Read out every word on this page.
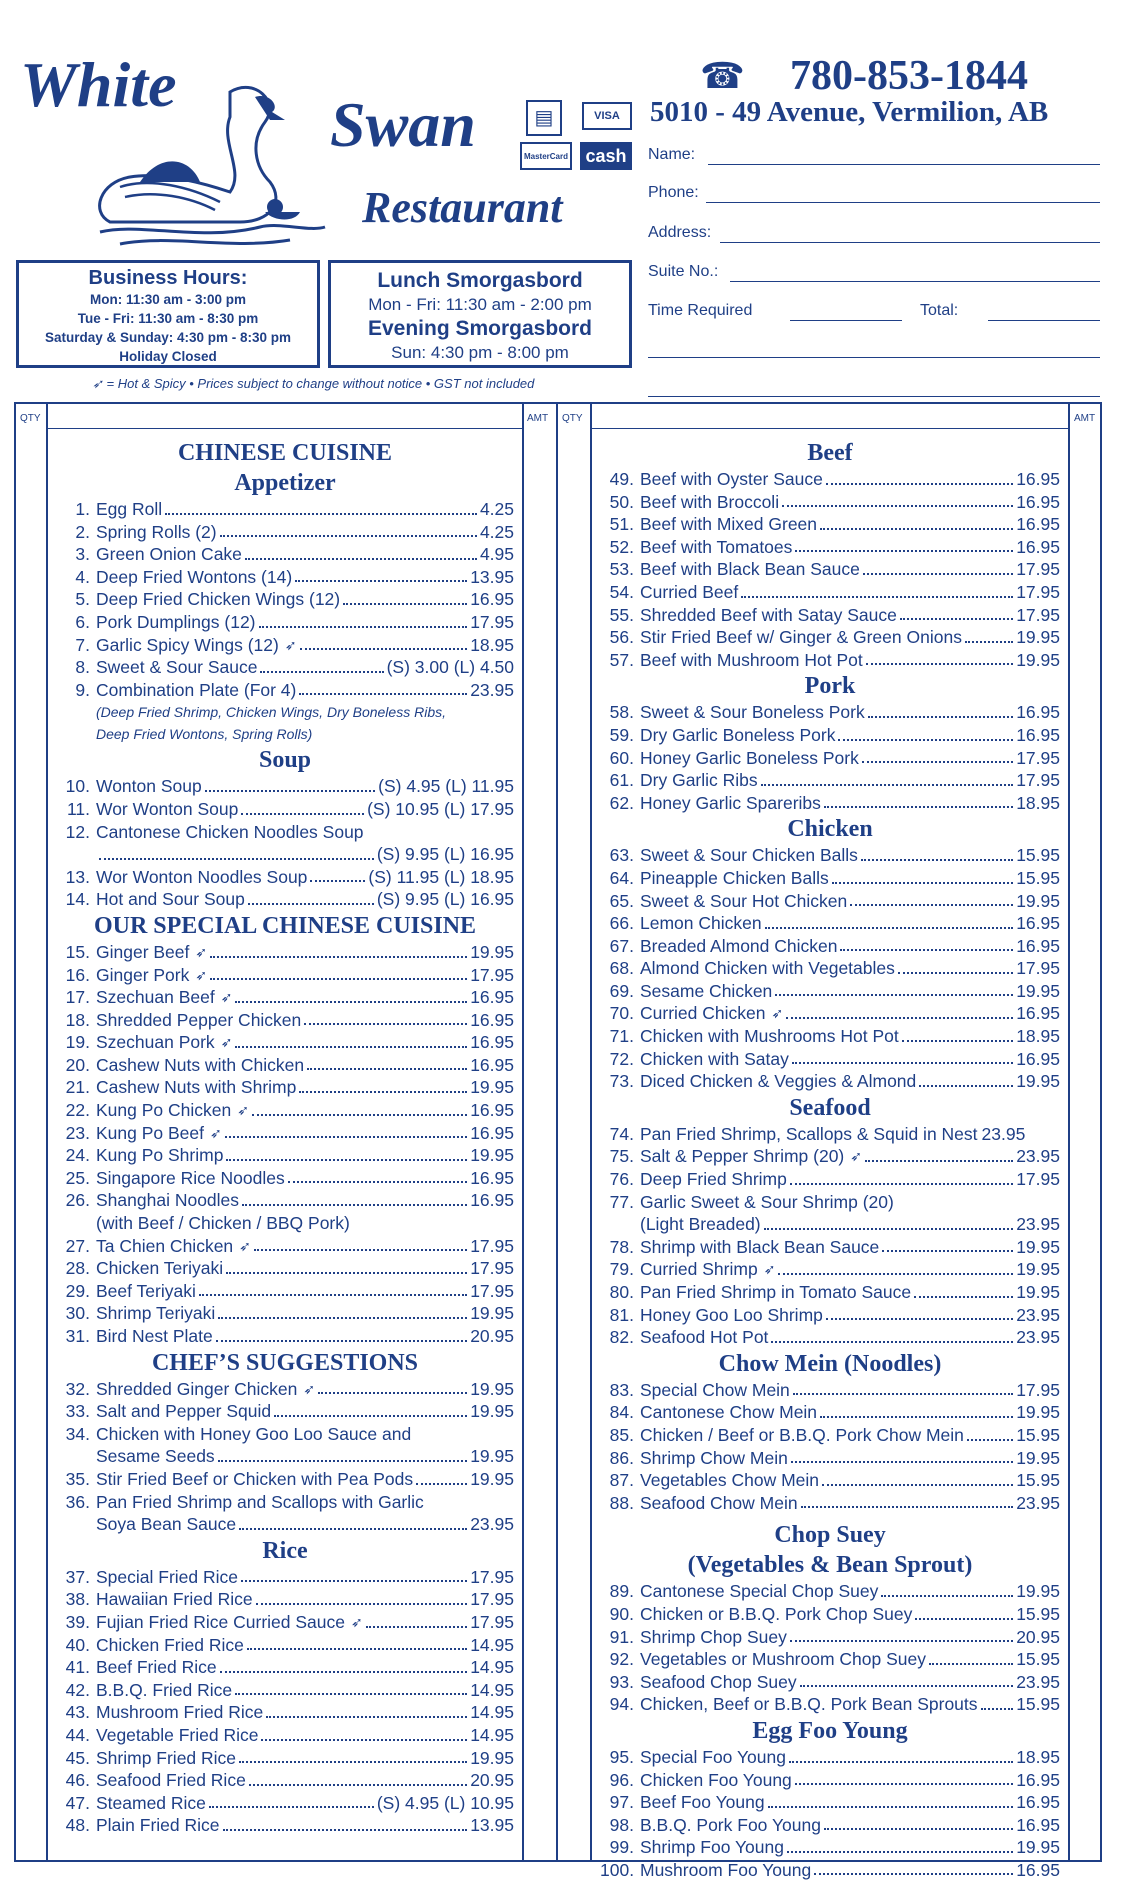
White
Swan
Restaurant
▤	VISA
MasterCard cash
☎ 780-853-1844
5010 - 49 Avenue, Vermilion, AB
Name:
Phone:
Address:
Suite No.:
Time Required	Total:
Business Hours:
Mon: 11:30 am - 3:00 pm
Tue - Fri: 11:30 am - 8:30 pm
Saturday & Sunday: 4:30 pm - 8:30 pm
Holiday Closed
Lunch Smorgasbord
Mon - Fri: 11:30 am - 2:00 pm
Evening Smorgasbord
Sun: 4:30 pm - 8:00 pm
➶ = Hot & Spicy • Prices subject to change without notice • GST not included
QTY	AMT QTY	AMT
CHINESE CUISINE
Appetizer
1. Egg Roll	4.25
2. Spring Rolls (2)	4.25
3. Green Onion Cake	4.95
4. Deep Fried Wontons (14)	13.95
5. Deep Fried Chicken Wings (12)	16.95
6. Pork Dumplings (12)	17.95
7. Garlic Spicy Wings (12) ➶	18.95
8. Sweet & Sour Sauce	(S) 3.00 (L) 4.50
9. Combination Plate (For 4)	23.95
(Deep Fried Shrimp, Chicken Wings, Dry Boneless Ribs,
Deep Fried Wontons, Spring Rolls)
Soup
10. Wonton Soup	(S) 4.95 (L) 11.95
11. Wor Wonton Soup	(S) 10.95 (L) 17.95
12. Cantonese Chicken Noodles Soup
(S) 9.95 (L) 16.95
13. Wor Wonton Noodles Soup	(S) 11.95 (L) 18.95
14. Hot and Sour Soup	(S) 9.95 (L) 16.95
OUR SPECIAL CHINESE CUISINE
15. Ginger Beef ➶	19.95
16. Ginger Pork ➶	17.95
17. Szechuan Beef ➶	16.95
18. Shredded Pepper Chicken	16.95
19. Szechuan Pork ➶	16.95
20. Cashew Nuts with Chicken	16.95
21. Cashew Nuts with Shrimp	19.95
22. Kung Po Chicken ➶	16.95
23. Kung Po Beef ➶	16.95
24. Kung Po Shrimp	19.95
25. Singapore Rice Noodles	16.95
26. Shanghai Noodles	16.95
(with Beef / Chicken / BBQ Pork)
27. Ta Chien Chicken ➶	17.95
28. Chicken Teriyaki	17.95
29. Beef Teriyaki	17.95
30. Shrimp Teriyaki	19.95
31. Bird Nest Plate	20.95
CHEF’S SUGGESTIONS
32. Shredded Ginger Chicken ➶	19.95
33. Salt and Pepper Squid	19.95
34. Chicken with Honey Goo Loo Sauce and
Sesame Seeds	19.95
35. Stir Fried Beef or Chicken with Pea Pods	19.95
36. Pan Fried Shrimp and Scallops with Garlic
Soya Bean Sauce	23.95
Rice
37. Special Fried Rice	17.95
38. Hawaiian Fried Rice	17.95
39. Fujian Fried Rice Curried Sauce ➶	17.95
40. Chicken Fried Rice	14.95
41. Beef Fried Rice	14.95
42. B.B.Q. Fried Rice	14.95
43. Mushroom Fried Rice	14.95
44. Vegetable Fried Rice	14.95
45. Shrimp Fried Rice	19.95
46. Seafood Fried Rice	20.95
47. Steamed Rice	(S) 4.95 (L) 10.95
48. Plain Fried Rice	13.95
Beef
49. Beef with Oyster Sauce	16.95
50. Beef with Broccoli	16.95
51. Beef with Mixed Green	16.95
52. Beef with Tomatoes	16.95
53. Beef with Black Bean Sauce	17.95
54. Curried Beef	17.95
55. Shredded Beef with Satay Sauce	17.95
56. Stir Fried Beef w/ Ginger & Green Onions	19.95
57. Beef with Mushroom Hot Pot	19.95
Pork
58. Sweet & Sour Boneless Pork	16.95
59. Dry Garlic Boneless Pork	16.95
60. Honey Garlic Boneless Pork	17.95
61. Dry Garlic Ribs	17.95
62. Honey Garlic Spareribs	18.95
Chicken
63. Sweet & Sour Chicken Balls	15.95
64. Pineapple Chicken Balls	15.95
65. Sweet & Sour Hot Chicken	19.95
66. Lemon Chicken	16.95
67. Breaded Almond Chicken	16.95
68. Almond Chicken with Vegetables	17.95
69. Sesame Chicken	19.95
70. Curried Chicken ➶	16.95
71. Chicken with Mushrooms Hot Pot	18.95
72. Chicken with Satay	16.95
73. Diced Chicken & Veggies & Almond	19.95
Seafood
74. Pan Fried Shrimp, Scallops & Squid in Nest 23.95
75. Salt & Pepper Shrimp (20) ➶	23.95
76. Deep Fried Shrimp	17.95
77. Garlic Sweet & Sour Shrimp (20)
(Light Breaded)	23.95
78. Shrimp with Black Bean Sauce	19.95
79. Curried Shrimp ➶	19.95
80. Pan Fried Shrimp in Tomato Sauce	19.95
81. Honey Goo Loo Shrimp	23.95
82. Seafood Hot Pot	23.95
Chow Mein (Noodles)
83. Special Chow Mein	17.95
84. Cantonese Chow Mein	19.95
85. Chicken / Beef or B.B.Q. Pork Chow Mein	15.95
86. Shrimp Chow Mein	19.95
87. Vegetables Chow Mein	15.95
88. Seafood Chow Mein	23.95
Chop Suey
(Vegetables & Bean Sprout)
89. Cantonese Special Chop Suey	19.95
90. Chicken or B.B.Q. Pork Chop Suey	15.95
91. Shrimp Chop Suey	20.95
92. Vegetables or Mushroom Chop Suey	15.95
93. Seafood Chop Suey	23.95
94. Chicken, Beef or B.B.Q. Pork Bean Sprouts 15.95
Egg Foo Young
95. Special Foo Young	18.95
96. Chicken Foo Young	16.95
97. Beef Foo Young	16.95
98. B.B.Q. Pork Foo Young	16.95
99. Shrimp Foo Young	19.95
100. Mushroom Foo Young	16.95
